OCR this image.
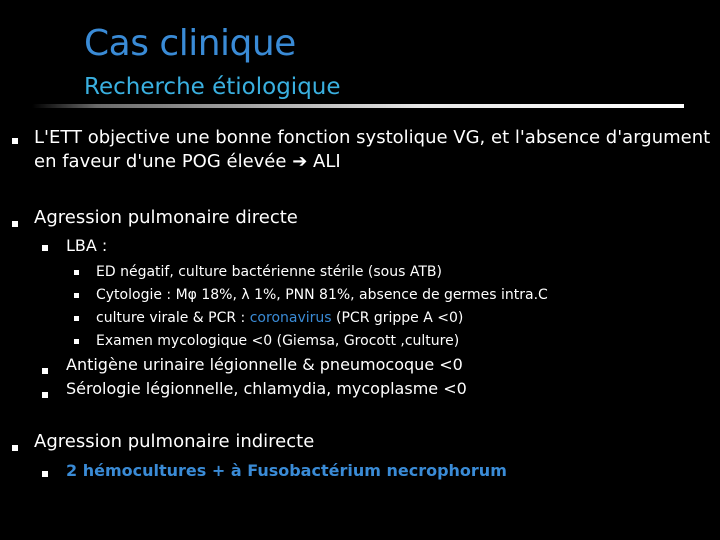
Cas clinique
Recherche étiologique
L'ETT objective une bonne fonction systolique VG, et l'absence d'argument
en faveur d'une POG élevée ➔ ALI
Agression pulmonaire directe
LBA :
ED négatif, culture bactérienne stérile (sous ATB)
Cytologie : Mφ 18%, λ 1%, PNN 81%, absence de germes intra.C
culture virale & PCR : coronavirus (PCR grippe A <0)
Examen mycologique <0 (Giemsa, Grocott ,culture)
Antigène urinaire légionnelle & pneumocoque <0
Sérologie légionnelle, chlamydia, mycoplasme <0
Agression pulmonaire indirecte
2 hémocultures + à Fusobactérium necrophorum
